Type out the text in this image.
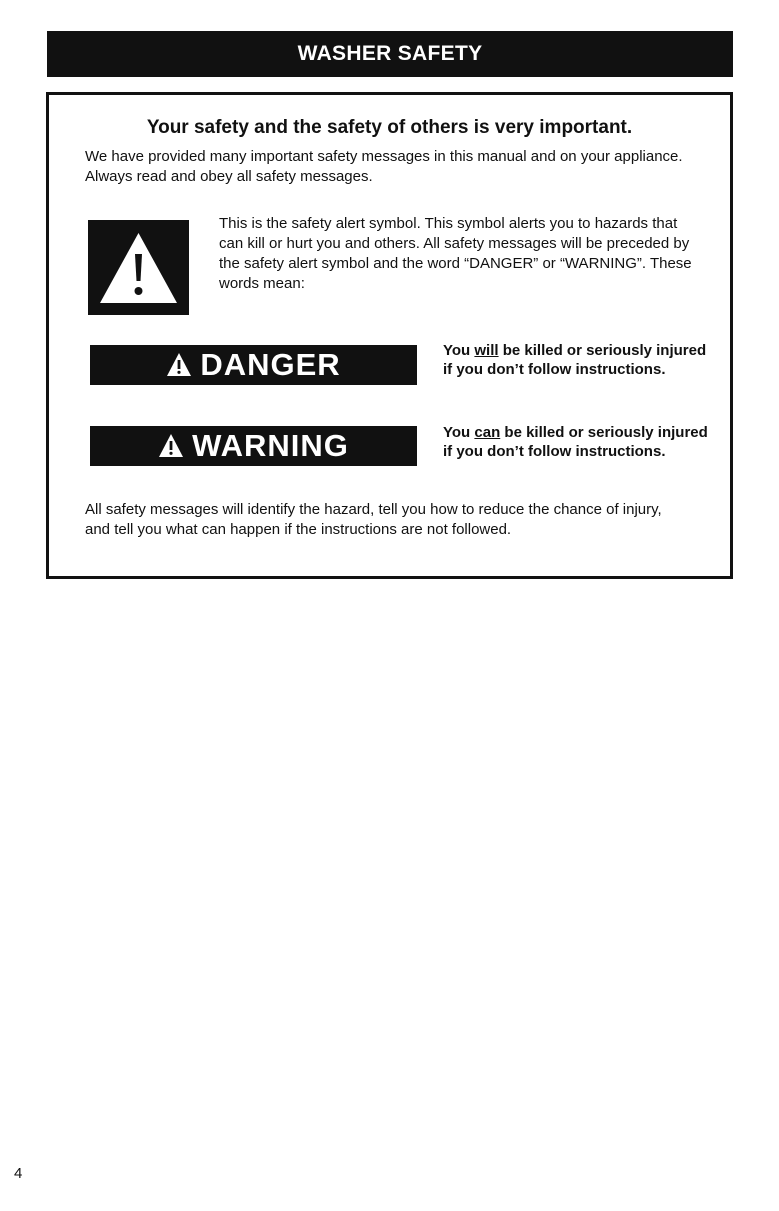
WASHER SAFETY
Your safety and the safety of others is very important.

We have provided many important safety messages in this manual and on your appliance. Always read and obey all safety messages.

This is the safety alert symbol. This symbol alerts you to hazards that can kill or hurt you and others. All safety messages will be preceded by the safety alert symbol and the word “DANGER” or “WARNING”. These words mean:

DANGER	You will be killed or seriously injured if you don’t follow instructions.

WARNING	You can be killed or seriously injured if you don’t follow instructions.

All safety messages will identify the hazard, tell you how to reduce the chance of injury, and tell you what can happen if the instructions are not followed.

4
